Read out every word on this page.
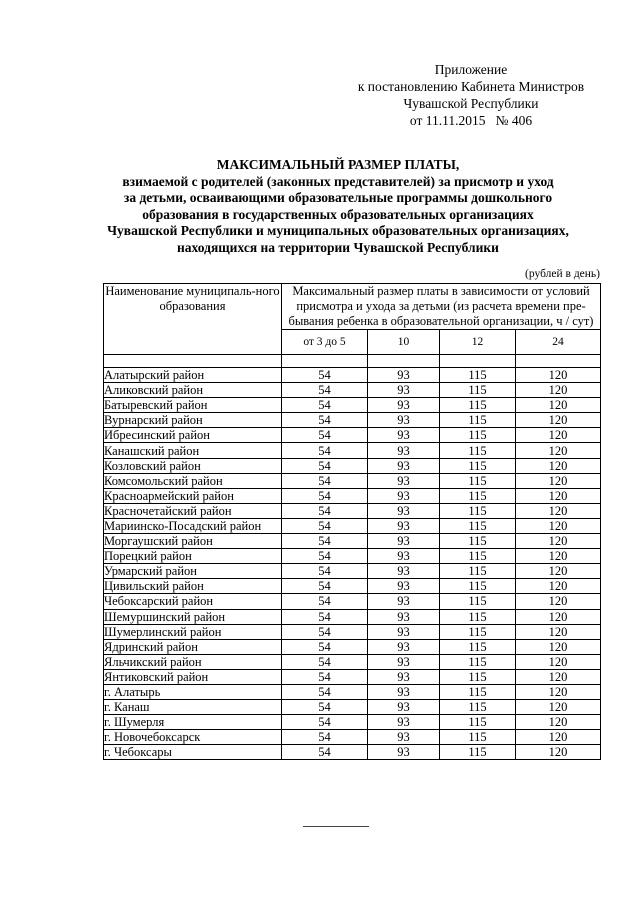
Приложение
к постановлению Кабинета Министров
Чувашской Республики
от 11.11.2015   № 406
МАКСИМАЛЬНЫЙ РАЗМЕР ПЛАТЫ,
взимаемой с родителей (законных представителей) за присмотр и уход
за детьми, осваивающими образовательные программы дошкольного
образования в государственных образовательных организациях
Чувашской Республики и муниципальных образовательных организациях,
находящихся на территории Чувашской Республики
(рублей в день)
Наименование муниципаль-ного образования	Максимальный размер платы в зависимости от условий присмотра и ухода за детьми (из расчета времени пре-бывания ребенка в образовательной организации, ч / сут)			
	от 3 до 5	10	12	24

Алатырский район	54	93	115	120
Аликовский район	54	93	115	120
Батыревский район	54	93	115	120
Вурнарский район	54	93	115	120
Ибресинский район	54	93	115	120
Канашский район	54	93	115	120
Козловский район	54	93	115	120
Комсомольский район	54	93	115	120
Красноармейский район	54	93	115	120
Красночетайский район	54	93	115	120
Мариинско-Посадский район	54	93	115	120
Моргаушский район	54	93	115	120
Порецкий район	54	93	115	120
Урмарский район	54	93	115	120
Цивильский район	54	93	115	120
Чебоксарский район	54	93	115	120
Шемуршинский район	54	93	115	120
Шумерлинский район	54	93	115	120
Ядринский район	54	93	115	120
Яльчикский район	54	93	115	120
Янтиковский район	54	93	115	120
г. Алатырь	54	93	115	120
г. Канаш	54	93	115	120
г. Шумерля	54	93	115	120
г. Новочебоксарск	54	93	115	120
г. Чебоксары	54	93	115	120
